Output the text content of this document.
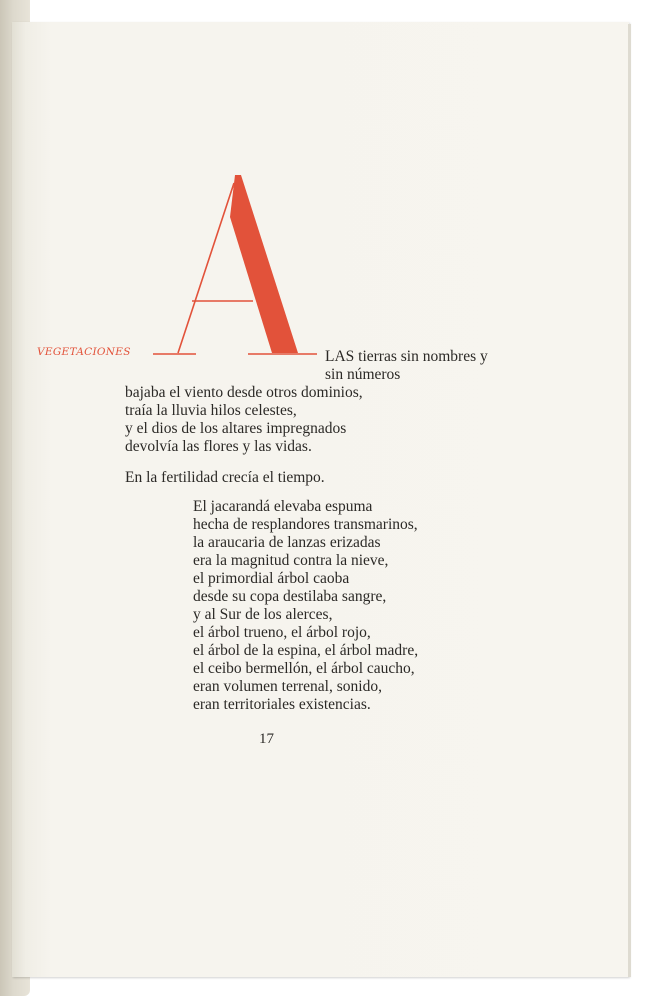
VEGETACIONES	LAS tierras sin nombres y
sin números
bajaba el viento desde otros dominios,
traía la lluvia hilos celestes,
y el dios de los altares impregnados
devolvía las flores y las vidas.
En la fertilidad crecía el tiempo.
El jacarandá elevaba espuma
hecha de resplandores transmarinos,
la araucaria de lanzas erizadas
era la magnitud contra la nieve,
el primordial árbol caoba
desde su copa destilaba sangre,
y al Sur de los alerces,
el árbol trueno, el árbol rojo,
el árbol de la espina, el árbol madre,
el ceibo bermellón, el árbol caucho,
eran volumen terrenal, sonido,
eran territoriales existencias.
17
